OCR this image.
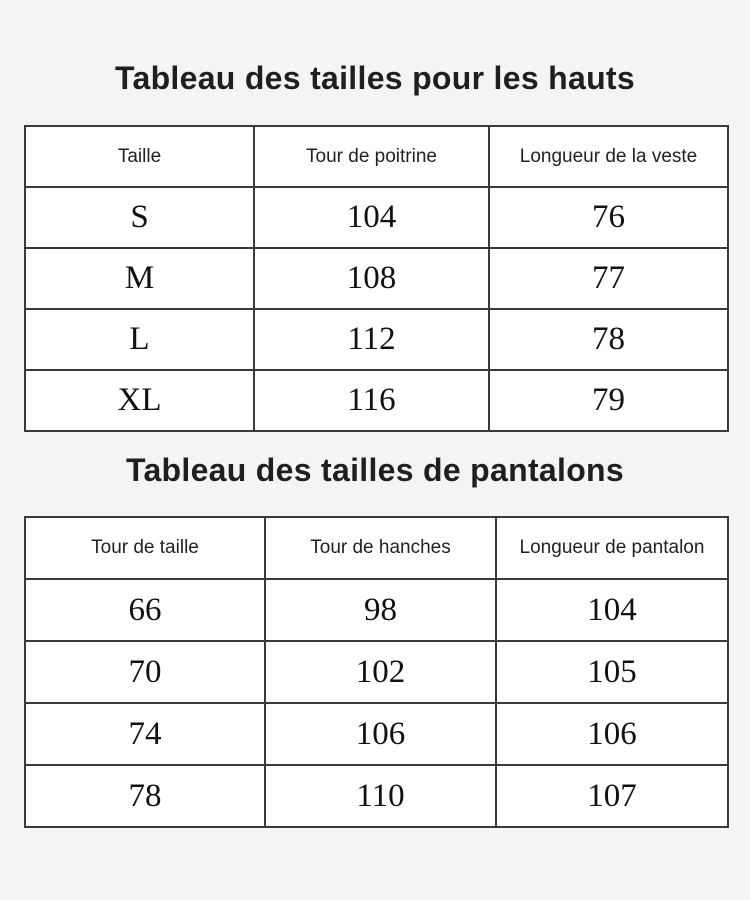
Tableau des tailles pour les hauts
Taille	Tour de poitrine	Longueur de la veste
S	104	76
M	108	77
L	112	78
XL	116	79
Tableau des tailles de pantalons
Tour de taille	Tour de hanches	Longueur de pantalon
66	98	104
70	102	105
74	106	106
78	110	107
